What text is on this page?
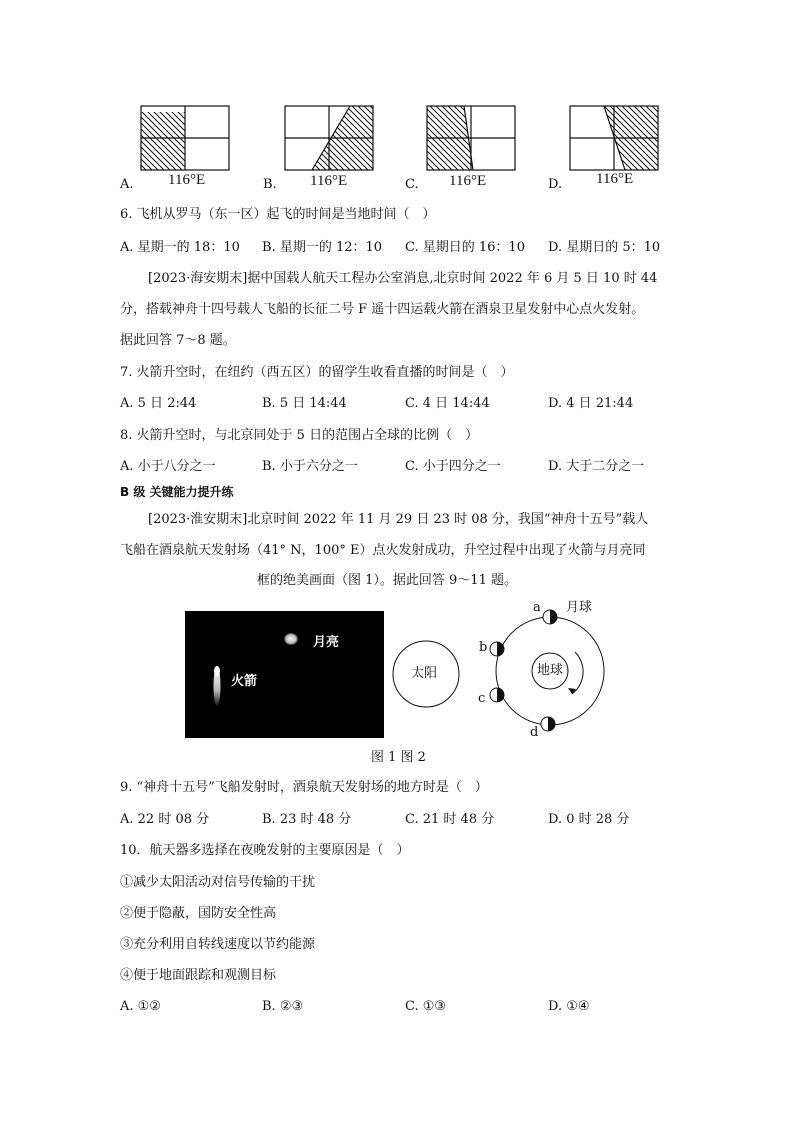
A. 116°E	B. 116°E	C. 116°E	D. 116°E
6. 飞机从罗马（东一区）起飞的时间是当地时间（　）
A. 星期一的 18：10 B. 星期一的 12：10 C. 星期日的 16：10 D. 星期日的 5：10
[2023·海安期末]据中国载人航天工程办公室消息,北京时间 2022 年 6 月 5 日 10 时 44
分，搭载神舟十四号载人飞船的长征二号 F 遥十四运载火箭在酒泉卫星发射中心点火发射。
据此回答 7～8 题。
7. 火箭升空时，在纽约（西五区）的留学生收看直播的时间是（　）
A. 5 日 2:44	B. 5 日 14:44	C. 4 日 14:44	D. 4 日 21:44
8. 火箭升空时，与北京同处于 5 日的范围占全球的比例（　）
A. 小于八分之一	B. 小于六分之一	C. 小于四分之一	D. 大于二分之一
B 级 关键能力提升练
[2023·淮安期末]北京时间 2022 年 11 月 29 日 23 时 08 分，我国“神舟十五号”载人
飞船在酒泉航天发射场（41° N，100° E）点火发射成功，升空过程中出现了火箭与月亮同
框的绝美画面（图 1）。据此回答 9～11 题。
月亮
火箭
太阳	地球
月球
a
b
c
d
图 1 图 2
9. “神舟十五号”飞船发射时，酒泉航天发射场的地方时是（　）
A. 22 时 08 分	B. 23 时 48 分	C. 21 时 48 分	D. 0 时 28 分
10．航天器多选择在夜晚发射的主要原因是（　）
①减少太阳活动对信号传输的干扰
②便于隐蔽，国防安全性高
③充分利用自转线速度以节约能源
④便于地面跟踪和观测目标
A. ①②	B. ②③	C. ①③	D. ①④
